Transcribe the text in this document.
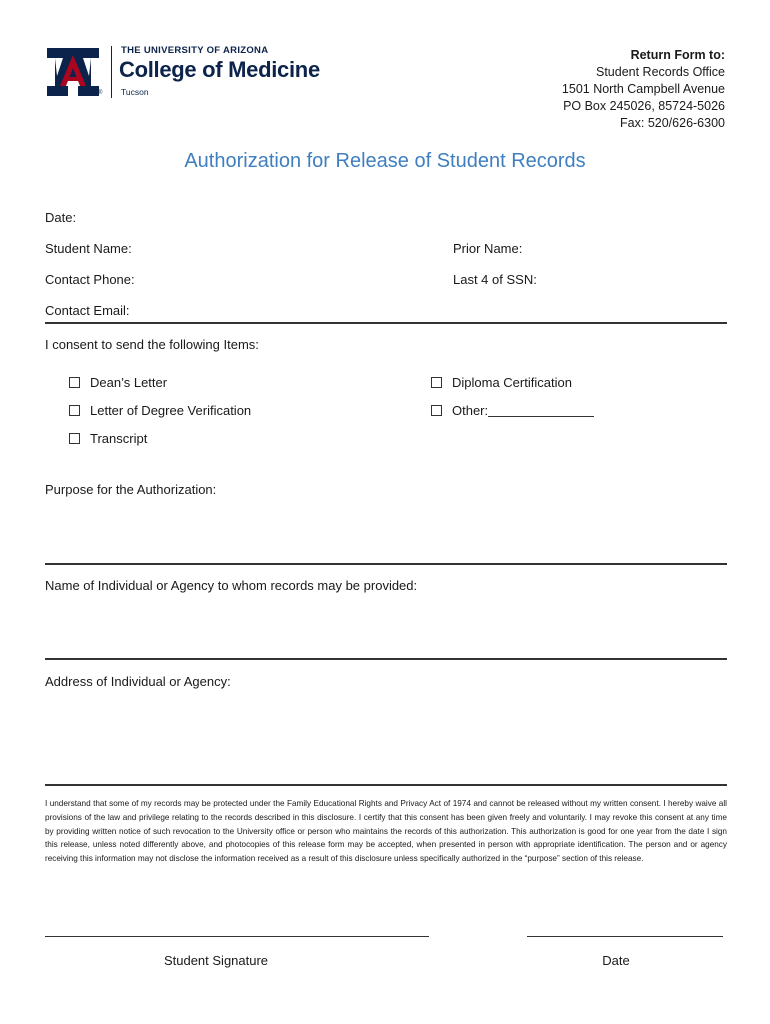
®
THE UNIVERSITY OF ARIZONA
College of Medicine
Tucson
Return Form to:
Student Records Office
1501 North Campbell Avenue
PO Box 245026, 85724-5026
Fax: 520/626-6300
Authorization for Release of Student Records
Date:
Student Name:	Prior Name:
Contact Phone:	Last 4 of SSN:
Contact Email:
I consent to send the following Items:
Dean’s Letter
Letter of Degree Verification
Transcript
Diploma Certification
Other:
Purpose for the Authorization:
Name of Individual or Agency to whom records may be provided:
Address of Individual or Agency:
I understand that some of my records may be protected under the Family Educational Rights and Privacy Act of 1974 and cannot be released without my written consent. I hereby waive all provisions of the law and privilege relating to the records described in this disclosure. I certify that this consent has been given freely and voluntarily. I may revoke this consent at any time by providing written notice of such revocation to the University office or person who maintains the records of this authorization. This authorization is good for one year from the date I sign this release, unless noted differently above, and photocopies of this release form may be accepted, when presented in person with appropriate identification. The person and or agency receiving this information may not disclose the information received as a result of this disclosure unless specifically authorized in the “purpose” section of this release.
Student Signature	Date
